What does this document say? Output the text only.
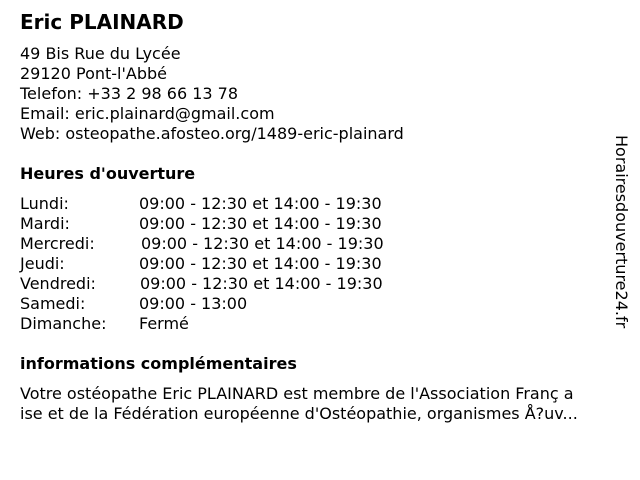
Eric PLAINARD
49 Bis Rue du Lycée
29120 Pont-l'Abbé
Telefon: +33 2 98 66 13 78
Email: eric.plainard@gmail.com
Web: osteopathe.afosteo.org/1489-eric-plainard
Heures d'ouverture
Lundi:	09:00 - 12:30 et 14:00 - 19:30
Mardi:	09:00 - 12:30 et 14:00 - 19:30
Mercredi:	09:00 - 12:30 et 14:00 - 19:30
Jeudi:	09:00 - 12:30 et 14:00 - 19:30
Vendredi:	09:00 - 12:30 et 14:00 - 19:30
Samedi:	09:00 - 13:00
Dimanche: Fermé
informations complémentaires
Votre ostéopathe Eric PLAINARD est membre de l'Association Franç a
ise et de la Fédération européenne d'Ostéopathie, organismes Å?uv...
Horairesdouverture24.fr
